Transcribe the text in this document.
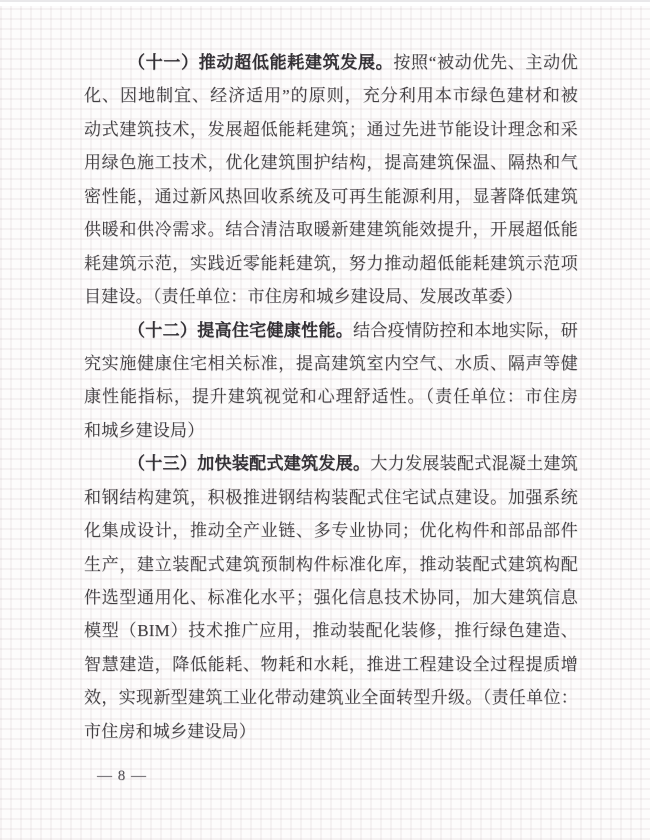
（十一）推动超低能耗建筑发展。按照“被动优先、主动优
化、因地制宜、经济适用”的原则，充分利用本市绿色建材和被
动式建筑技术，发展超低能耗建筑；通过先进节能设计理念和采
用绿色施工技术，优化建筑围护结构，提高建筑保温、隔热和气
密性能，通过新风热回收系统及可再生能源利用，显著降低建筑
供暖和供冷需求。结合清洁取暖新建建筑能效提升，开展超低能
耗建筑示范，实践近零能耗建筑，努力推动超低能耗建筑示范项
目建设。（责任单位：市住房和城乡建设局、发展改革委）
（十二）提高住宅健康性能。结合疫情防控和本地实际，研
究实施健康住宅相关标准，提高建筑室内空气、水质、隔声等健
康性能指标，提升建筑视觉和心理舒适性。（责任单位：市住房
和城乡建设局）
（十三）加快装配式建筑发展。大力发展装配式混凝土建筑
和钢结构建筑，积极推进钢结构装配式住宅试点建设。加强系统
化集成设计，推动全产业链、多专业协同；优化构件和部品部件
生产，建立装配式建筑预制构件标准化库，推动装配式建筑构配
件选型通用化、标准化水平；强化信息技术协同，加大建筑信息
模型（BIM）技术推广应用，推动装配化装修，推行绿色建造、
智慧建造，降低能耗、物耗和水耗，推进工程建设全过程提质增
效，实现新型建筑工业化带动建筑业全面转型升级。（责任单位：
市住房和城乡建设局）
— 8 —
